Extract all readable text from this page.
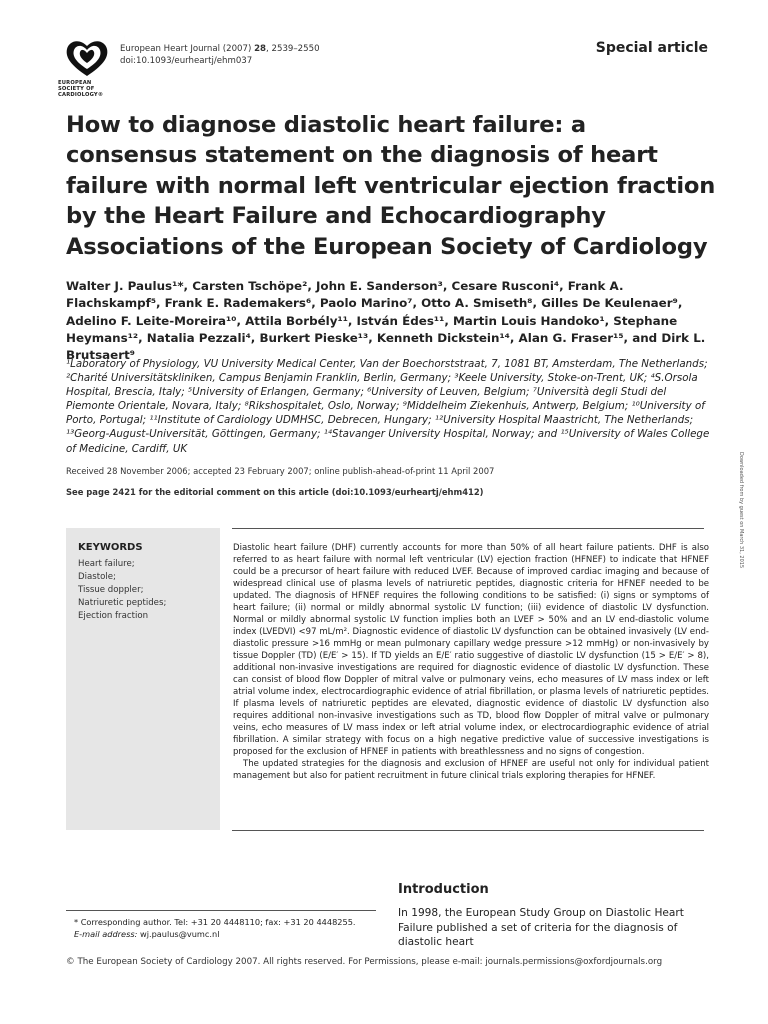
EUROPEAN
SOCIETY OF
CARDIOLOGY®
European Heart Journal (2007) 28, 2539–2550
doi:10.1093/eurheartj/ehm037
Special article
How to diagnose diastolic heart failure: a consensus statement on the diagnosis of heart failure with normal left ventricular ejection fraction by the Heart Failure and Echocardiography Associations of the European Society of Cardiology
Walter J. Paulus¹*, Carsten Tschöpe², John E. Sanderson³, Cesare Rusconi⁴, Frank A. Flachskampf⁵, Frank E. Rademakers⁶, Paolo Marino⁷, Otto A. Smiseth⁸, Gilles De Keulenaer⁹, Adelino F. Leite-Moreira¹⁰, Attila Borbély¹¹, István Édes¹¹, Martin Louis Handoko¹, Stephane Heymans¹², Natalia Pezzali⁴, Burkert Pieske¹³, Kenneth Dickstein¹⁴, Alan G. Fraser¹⁵, and Dirk L. Brutsaert⁹
¹Laboratory of Physiology, VU University Medical Center, Van der Boechorststraat, 7, 1081 BT, Amsterdam, The Netherlands; ²Charité Universitätskliniken, Campus Benjamin Franklin, Berlin, Germany; ³Keele University, Stoke-on-Trent, UK; ⁴S.Orsola Hospital, Brescia, Italy; ⁵University of Erlangen, Germany; ⁶University of Leuven, Belgium; ⁷Università degli Studi del Piemonte Orientale, Novara, Italy; ⁸Rikshospitalet, Oslo, Norway; ⁹Middelheim Ziekenhuis, Antwerp, Belgium; ¹⁰University of Porto, Portugal; ¹¹Institute of Cardiology UDMHSC, Debrecen, Hungary; ¹²University Hospital Maastricht, The Netherlands; ¹³Georg-August-Universität, Göttingen, Germany; ¹⁴Stavanger University Hospital, Norway; and ¹⁵University of Wales College of Medicine, Cardiff, UK
Received 28 November 2006; accepted 23 February 2007; online publish-ahead-of-print 11 April 2007
See page 2421 for the editorial comment on this article (doi:10.1093/eurheartj/ehm412)
KEYWORDS
Heart failure;
Diastole;
Tissue doppler;
Natriuretic peptides;
Ejection fraction

Diastolic heart failure (DHF) currently accounts for more than 50% of all heart failure patients. DHF is also referred to as heart failure with normal left ventricular (LV) ejection fraction (HFNEF) to indicate that HFNEF could be a precursor of heart failure with reduced LVEF. Because of improved cardiac imaging and because of widespread clinical use of plasma levels of natriuretic peptides, diagnostic criteria for HFNEF needed to be updated. The diagnosis of HFNEF requires the following conditions to be satisfied: (i) signs or symptoms of heart failure; (ii) normal or mildly abnormal systolic LV function; (iii) evidence of diastolic LV dysfunction. Normal or mildly abnormal systolic LV function implies both an LVEF > 50% and an LV end-diastolic volume index (LVEDVI) <97 mL/m². Diagnostic evidence of diastolic LV dysfunction can be obtained invasively (LV end-diastolic pressure >16 mmHg or mean pulmonary capillary wedge pressure >12 mmHg) or non-invasively by tissue Doppler (TD) (E/E′ > 15). If TD yields an E/E′ ratio suggestive of diastolic LV dysfunction (15 > E/E′ > 8), additional non-invasive investigations are required for diagnostic evidence of diastolic LV dysfunction. These can consist of blood flow Doppler of mitral valve or pulmonary veins, echo measures of LV mass index or left atrial volume index, electrocardiographic evidence of atrial fibrillation, or plasma levels of natriuretic peptides. If plasma levels of natriuretic peptides are elevated, diagnostic evidence of diastolic LV dysfunction also requires additional non-invasive investigations such as TD, blood flow Doppler of mitral valve or pulmonary veins, echo measures of LV mass index or left atrial volume index, or electrocardiographic evidence of atrial fibrillation. A similar strategy with focus on a high negative predictive value of successive investigations is proposed for the exclusion of HFNEF in patients with breathlessness and no signs of congestion.

The updated strategies for the diagnosis and exclusion of HFNEF are useful not only for individual patient management but also for patient recruitment in future clinical trials exploring therapies for HFNEF.

Downloaded from by guest on March 31, 2015
Introduction
In 1998, the European Study Group on Diastolic Heart Failure published a set of criteria for the diagnosis of diastolic heart
* Corresponding author. Tel: +31 20 4448110; fax: +31 20 4448255.
E-mail address: wj.paulus@vumc.nl
© The European Society of Cardiology 2007. All rights reserved. For Permissions, please e-mail: journals.permissions@oxfordjournals.org
